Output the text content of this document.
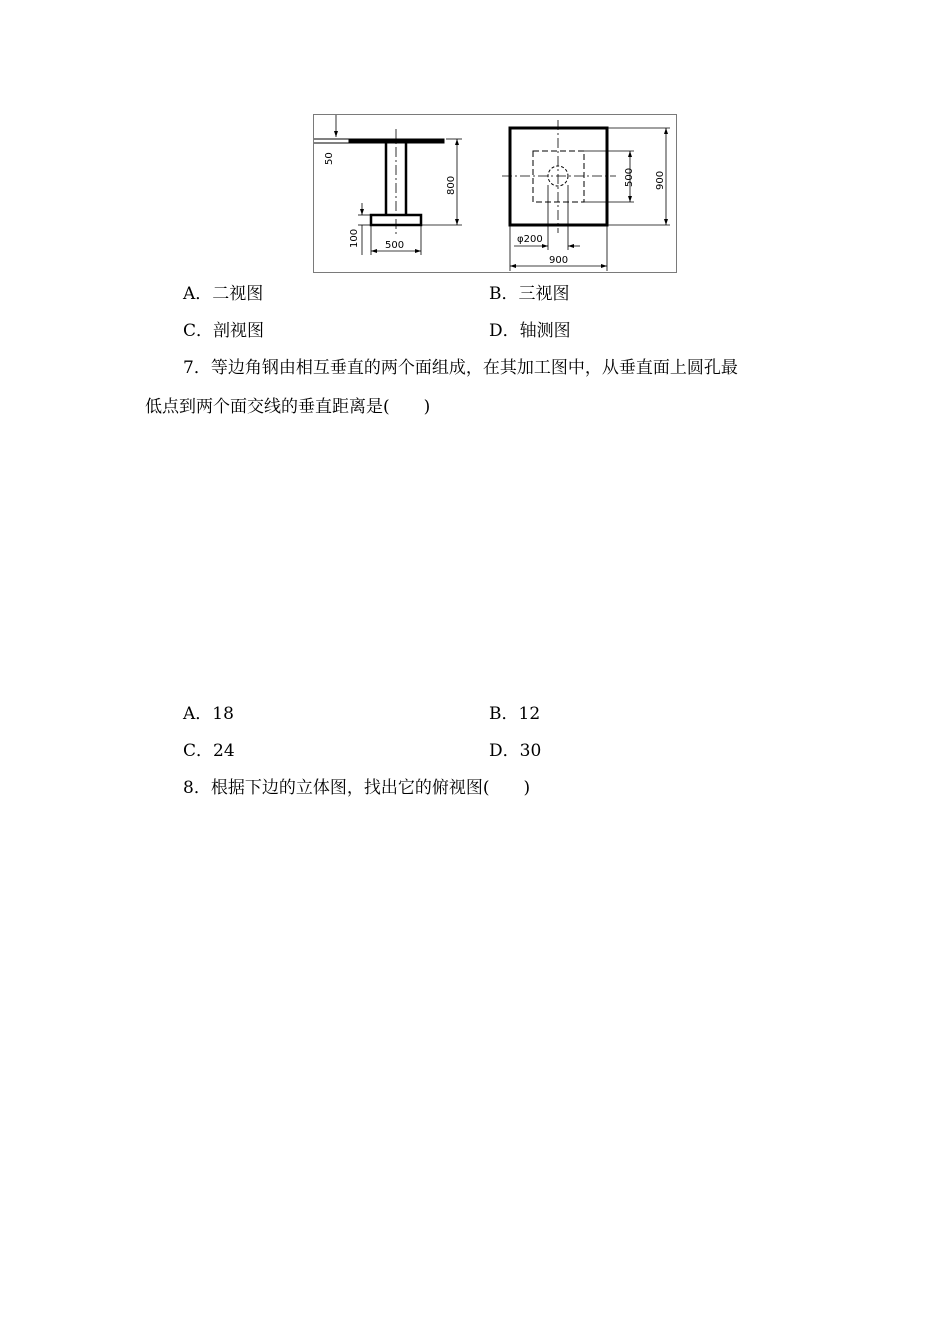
50
800
100	500
500 900
φ200
900
A．二视图	B．三视图
C．剖视图	D．轴测图
7．等边角钢由相互垂直的两个面组成，在其加工图中，从垂直面上圆孔最
低点到两个面交线的垂直距离是(　　)
A．18	B．12
C．24	D．30
8．根据下边的立体图，找出它的俯视图(　　)
